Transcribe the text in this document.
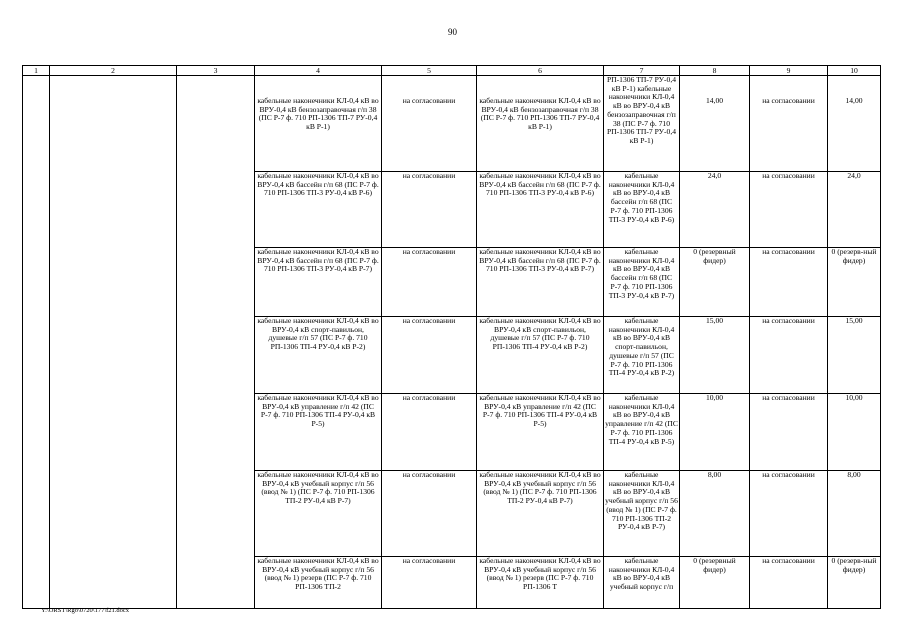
90
1	2	3	4	5	6	7	8	9	10
			кабельные наконечники КЛ-0,4 кВ во ВРУ-0,4 кВ бензозаправочная г/п 38 (ПС Р-7 ф. 710 РП-1306 ТП-7 РУ-0,4 кВ Р-1)	на согласовании	кабельные наконечники КЛ-0,4 кВ во ВРУ-0,4 кВ бензозаправочная г/п 38 (ПС Р-7 ф. 710 РП-1306 ТП-7 РУ-0,4 кВ Р-1)	РП-1306 ТП-7 РУ-0,4 кВ Р-1) кабельные наконечники КЛ-0,4 кВ во ВРУ-0,4 кВ бензозаправочная г/п 38 (ПС Р-7 ф. 710 РП-1306 ТП-7 РУ-0,4 кВ Р-1)	14,00	на согласовании	14,00
			кабельные наконечники КЛ-0,4 кВ во ВРУ-0,4 кВ бассейн г/п 68 (ПС Р-7 ф. 710 РП-1306 ТП-3 РУ-0,4 кВ Р-6)	на согласовании	кабельные наконечники КЛ-0,4 кВ во ВРУ-0,4 кВ бассейн г/п 68 (ПС Р-7 ф. 710 РП-1306 ТП-3 РУ-0,4 кВ Р-6)	кабельные наконечники КЛ-0,4 кВ во ВРУ-0,4 кВ бассейн г/п 68 (ПС Р-7 ф. 710 РП-1306 ТП-3 РУ-0,4 кВ Р-6)	24,0	на согласовании	24,0
			кабельные наконечники КЛ-0,4 кВ во ВРУ-0,4 кВ бассейн г/п 68 (ПС Р-7 ф. 710 РП-1306 ТП-3 РУ-0,4 кВ Р-7)	на согласовании	кабельные наконечники КЛ-0,4 кВ во ВРУ-0,4 кВ бассейн г/п 68 (ПС Р-7 ф. 710 РП-1306 ТП-3 РУ-0,4 кВ Р-7)	кабельные наконечники КЛ-0,4 кВ во ВРУ-0,4 кВ бассейн г/п 68 (ПС Р-7 ф. 710 РП-1306 ТП-3 РУ-0,4 кВ Р-7)	0 (резервный фидер)	на согласовании	0 (резерв-ный фидер)
			кабельные наконечники КЛ-0,4 кВ во ВРУ-0,4 кВ спорт-павильон, душевые г/п 57 (ПС Р-7 ф. 710 РП-1306 ТП-4 РУ-0,4 кВ Р-2)	на согласовании	кабельные наконечники КЛ-0,4 кВ во ВРУ-0,4 кВ спорт-павильон, душевые г/п 57 (ПС Р-7 ф. 710 РП-1306 ТП-4 РУ-0,4 кВ Р-2)	кабельные наконечники КЛ-0,4 кВ во ВРУ-0,4 кВ спорт-павильон, душевые г/п 57 (ПС Р-7 ф. 710 РП-1306 ТП-4 РУ-0,4 кВ Р-2)	15,00	на согласовании	15,00
			кабельные наконечники КЛ-0,4 кВ во ВРУ-0,4 кВ управление г/п 42 (ПС Р-7 ф. 710 РП-1306 ТП-4 РУ-0,4 кВ Р-5)	на согласовании	кабельные наконечники КЛ-0,4 кВ во ВРУ-0,4 кВ управление г/п 42 (ПС Р-7 ф. 710 РП-1306 ТП-4 РУ-0,4 кВ Р-5)	кабельные наконечники КЛ-0,4 кВ во ВРУ-0,4 кВ управление г/п 42 (ПС Р-7 ф. 710 РП-1306 ТП-4 РУ-0,4 кВ Р-5)	10,00	на согласовании	10,00
			кабельные наконечники КЛ-0,4 кВ во ВРУ-0,4 кВ учебный корпус г/п 56 (ввод № 1) (ПС Р-7 ф. 710 РП-1306 ТП-2 РУ-0,4 кВ Р-7)	на согласовании	кабельные наконечники КЛ-0,4 кВ во ВРУ-0,4 кВ учебный корпус г/п 56 (ввод № 1) (ПС Р-7 ф. 710 РП-1306 ТП-2 РУ-0,4 кВ Р-7)	кабельные наконечники КЛ-0,4 кВ во ВРУ-0,4 кВ учебный корпус г/п 56 (ввод № 1) (ПС Р-7 ф. 710 РП-1306 ТП-2 РУ-0,4 кВ Р-7)	8,00	на согласовании	8,00
			кабельные наконечники КЛ-0,4 кВ во ВРУ-0,4 кВ учебный корпус г/п 56 (ввод № 1) резерв (ПС Р-7 ф. 710 РП-1306 ТП-2	на согласовании	кабельные наконечники КЛ-0,4 кВ во ВРУ-0,4 кВ учебный корпус г/п 56 (ввод № 1) резерв (ПС Р-7 ф. 710 РП-1306 Т	кабельные наконечники КЛ-0,4 кВ во ВРУ-0,4 кВ учебный корпус г/п	0 (резервный фидер)	на согласовании	0 (резерв-ный фидер)
Y:\ORST\Rgo\0720\177\f21.docx
